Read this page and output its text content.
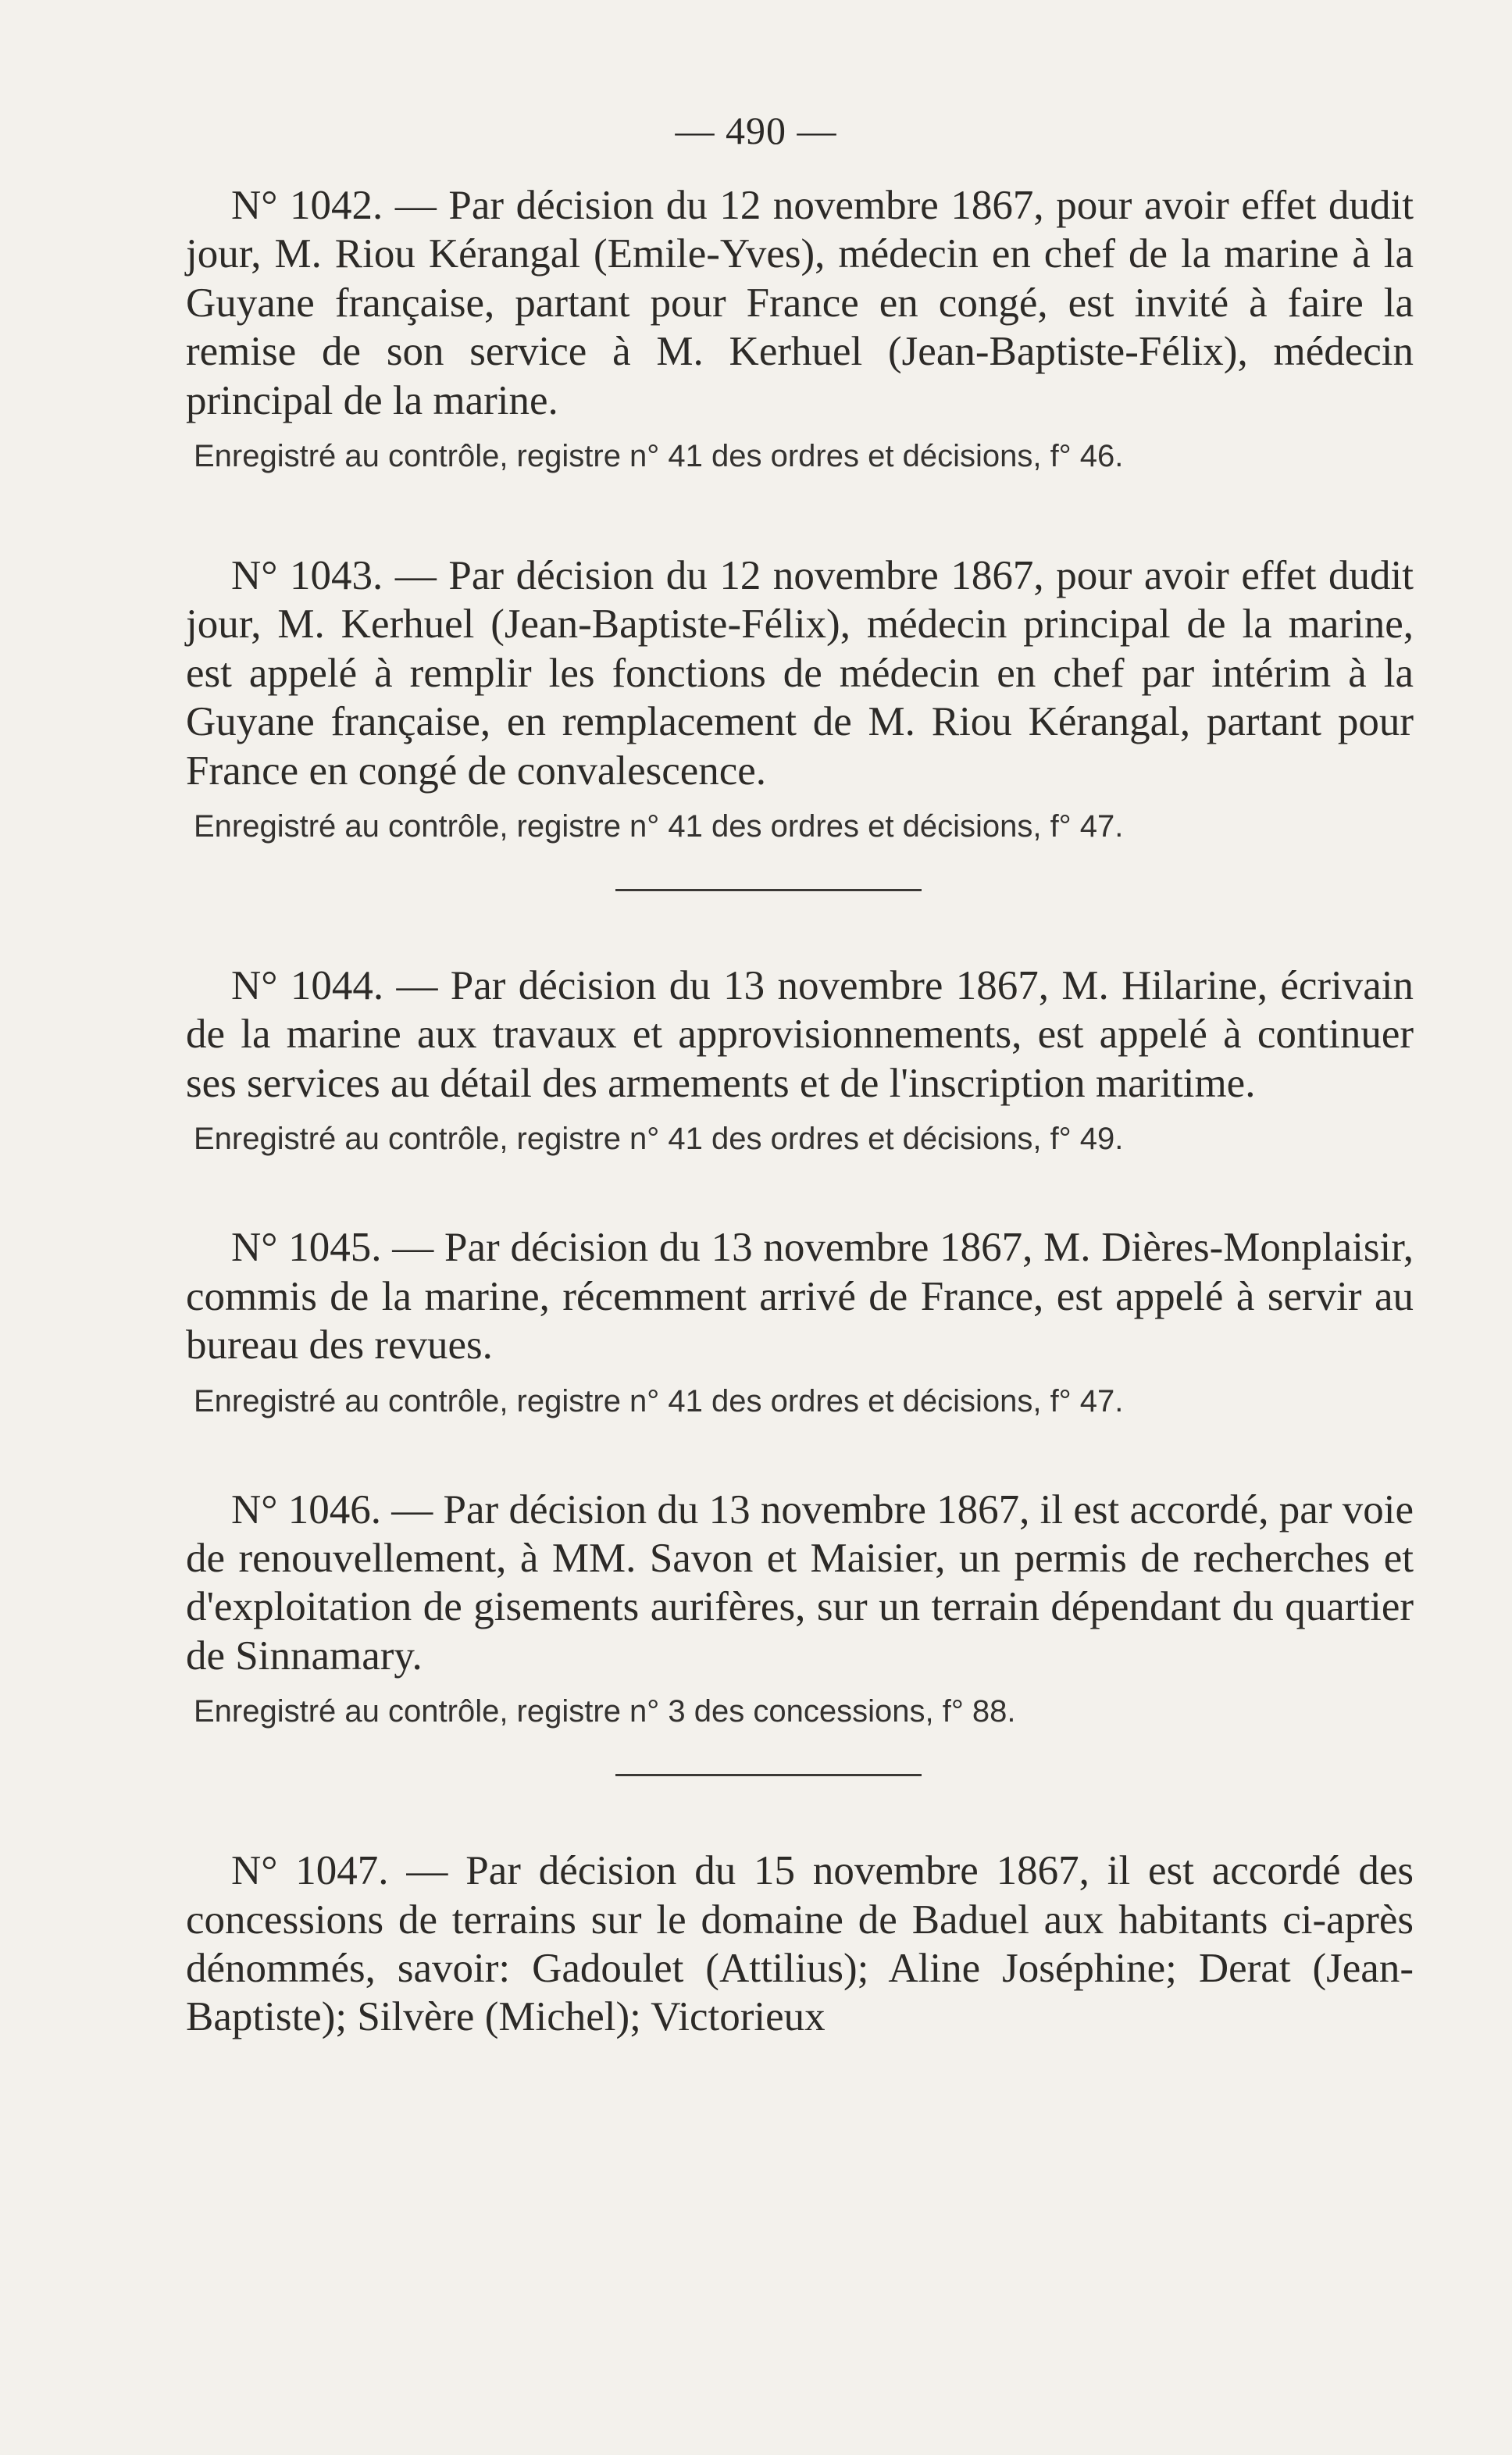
— 490 —

N° 1042. — Par décision du 12 novembre 1867, pour avoir effet dudit jour, M. Riou Kérangal (Emile-Yves), médecin en chef de la marine à la Guyane française, partant pour France en congé, est invité à faire la remise de son service à M. Kerhuel (Jean-Baptiste-Félix), médecin principal de la marine.

Enregistré au contrôle, registre n° 41 des ordres et décisions, f° 46.

N° 1043. — Par décision du 12 novembre 1867, pour avoir effet dudit jour, M. Kerhuel (Jean-Baptiste-Félix), médecin principal de la marine, est appelé à remplir les fonctions de médecin en chef par intérim à la Guyane française, en remplacement de M. Riou Kérangal, partant pour France en congé de convalescence.

Enregistré au contrôle, registre n° 41 des ordres et décisions, f° 47.

N° 1044. — Par décision du 13 novembre 1867, M. Hilarine, écrivain de la marine aux travaux et approvisionnements, est appelé à continuer ses services au détail des armements et de l'inscription maritime.

Enregistré au contrôle, registre n° 41 des ordres et décisions, f° 49.

N° 1045. — Par décision du 13 novembre 1867, M. Dières-Monplaisir, commis de la marine, récemment arrivé de France, est appelé à servir au bureau des revues.

Enregistré au contrôle, registre n° 41 des ordres et décisions, f° 47.

N° 1046. — Par décision du 13 novembre 1867, il est accordé, par voie de renouvellement, à MM. Savon et Maisier, un permis de recherches et d'exploitation de gisements aurifères, sur un terrain dépendant du quartier de Sinnamary.

Enregistré au contrôle, registre n° 3 des concessions, f° 88.

N° 1047. — Par décision du 15 novembre 1867, il est accordé des concessions de terrains sur le domaine de Baduel aux habitants ci-après dénommés, savoir: Gadoulet (Attilius); Aline Joséphine; Derat (Jean-Baptiste); Silvère (Michel); Victorieux
